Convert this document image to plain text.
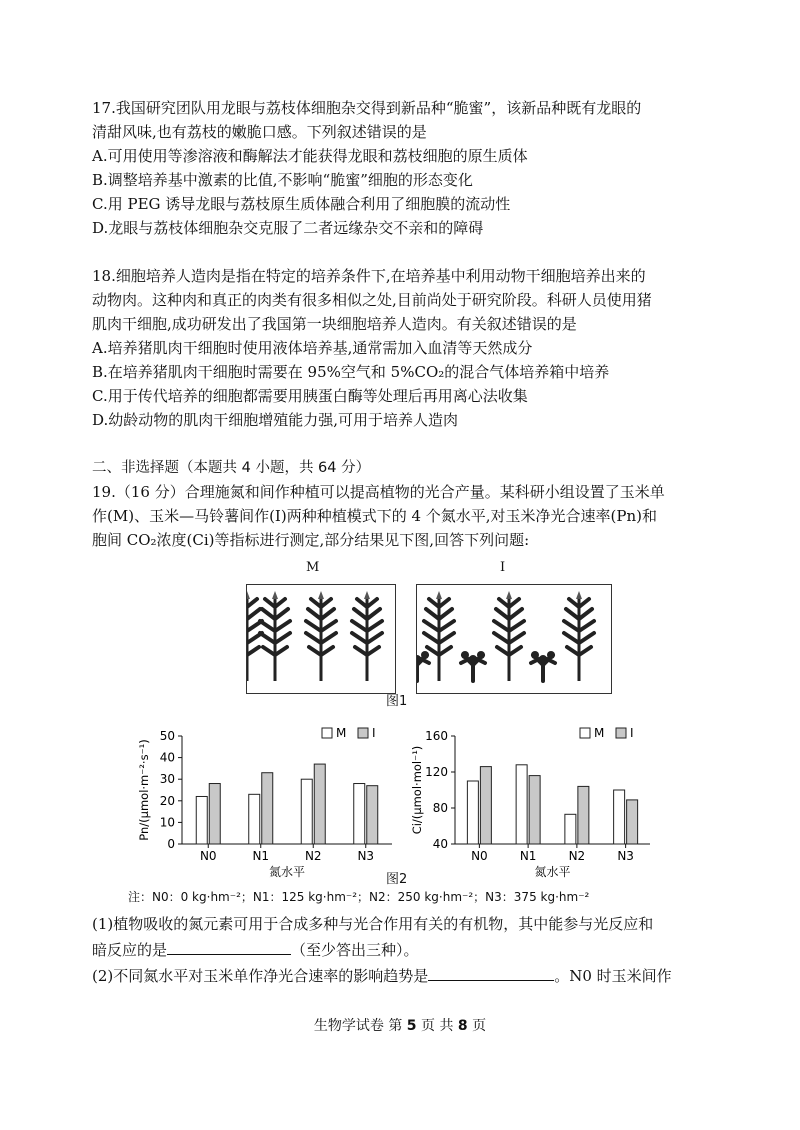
17.我国研究团队用龙眼与荔枝体细胞杂交得到新品种“脆蜜”，该新品种既有龙眼的

清甜风味,也有荔枝的嫩脆口感。下列叙述错误的是

A.可用使用等渗溶液和酶解法才能获得龙眼和荔枝细胞的原生质体

B.调整培养基中激素的比值,不影响“脆蜜”细胞的形态变化

C.用 PEG 诱导龙眼与荔枝原生质体融合利用了细胞膜的流动性

D.龙眼与荔枝体细胞杂交克服了二者远缘杂交不亲和的障碍

18.细胞培养人造肉是指在特定的培养条件下,在培养基中利用动物干细胞培养出来的

动物肉。这种肉和真正的肉类有很多相似之处,目前尚处于研究阶段。科研人员使用猪

肌肉干细胞,成功研发出了我国第一块细胞培养人造肉。有关叙述错误的是

A.培养猪肌肉干细胞时使用液体培养基,通常需加入血清等天然成分

B.在培养猪肌肉干细胞时需要在 95%空气和 5%CO₂的混合气体培养箱中培养

C.用于传代培养的细胞都需要用胰蛋白酶等处理后再用离心法收集

D.幼龄动物的肌肉干细胞增殖能力强,可用于培养人造肉

二、非选择题（本题共 4 小题，共 64 分）

19.（16 分）合理施氮和间作种植可以提高植物的光合产量。某科研小组设置了玉米单

作(M)、玉米—马铃薯间作(I)两种种植模式下的 4 个氮水平,对玉米净光合速率(Pn)和

胞间 CO₂浓度(Ci)等指标进行测定,部分结果见下图,回答下列问题:

M	I
图1
0
10
20
30
40
50
Pn/(μmol·m⁻²·s⁻¹)
N0	N1	N2	N3
氮水平
M I
40
80
120
160
Ci/(μmol·mol⁻¹)
N0	N1	N2	N3
氮水平
M I
图2
注：N0：0 kg·hm⁻²；N1：125 kg·hm⁻²；N2：250 kg·hm⁻²；N3：375 kg·hm⁻²

(1)植物吸收的氮元素可用于合成多种与光合作用有关的有机物，其中能参与光反应和

暗反应的是	（至少答出三种）。

(2)不同氮水平对玉米单作净光合速率的影响趋势是	。N0 时玉米间作

生物学试卷 第 5 页 共 8 页
